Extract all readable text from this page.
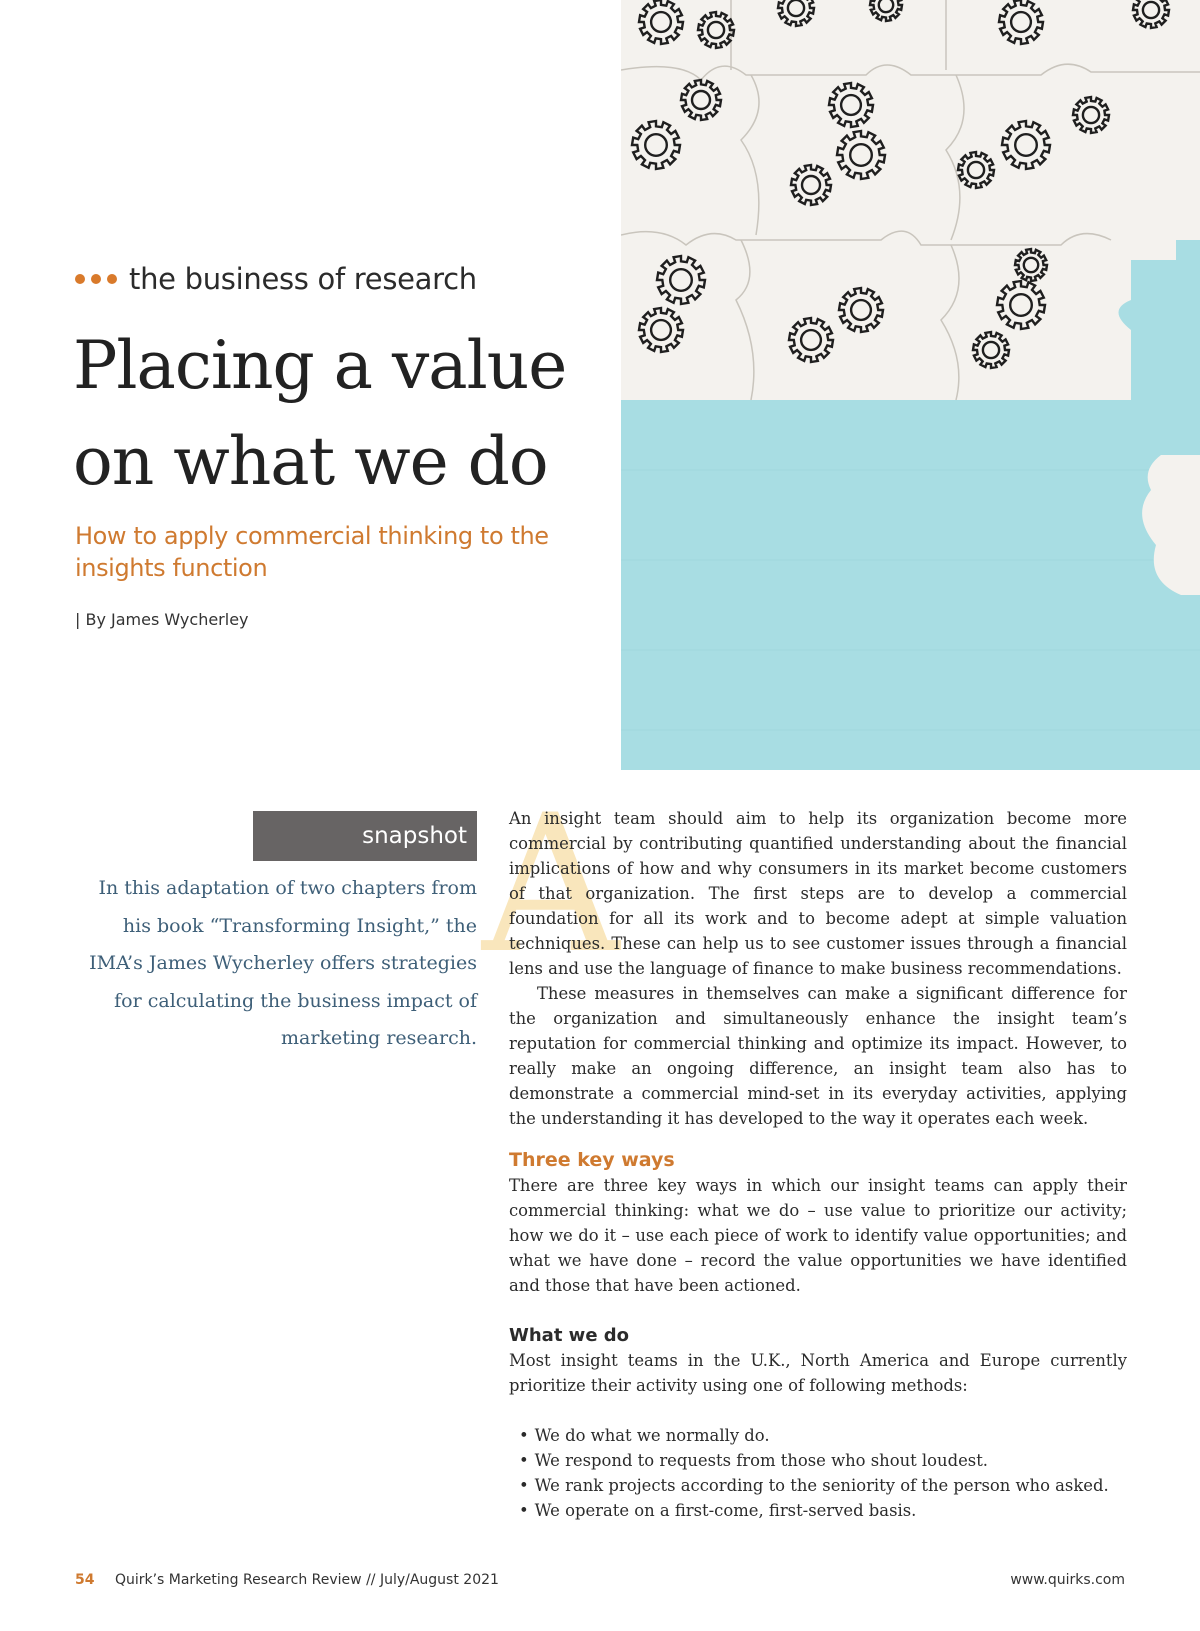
the business of research
Placing a value
on what we do
How to apply commercial thinking to the insights function
| By James Wycherley
snapshot
In this adaptation of two chapters from his book “Transforming Insight,” the IMA’s James Wycherley offers strategies for calculating the business impact of marketing research.
A

An insight team should aim to help its organization become more commercial by contributing quantified understanding about the financial implications of how and why consumers in its market become customers of that organization. The first steps are to develop a commercial foundation for all its work and to become adept at simple valuation techniques. These can help us to see customer issues through a financial lens and use the language of finance to make business recommendations.

These measures in themselves can make a significant difference for the organization and simultaneously enhance the insight team’s reputation for commercial thinking and optimize its impact. However, to really make an ongoing difference, an insight team also has to demonstrate a commercial mind-set in its everyday activities, applying the understanding it has developed to the way it operates each week.

Three key ways

There are three key ways in which our insight teams can apply their commercial thinking: what we do – use value to prioritize our activity; how we do it – use each piece of work to identify value opportunities; and what we have done – record the value opportunities we have identified and those that have been actioned.

What we do

Most insight teams in the U.K., North America and Europe currently prioritize their activity using one of following methods:

• We do what we normally do.
• We respond to requests from those who shout loudest.
• We rank projects according to the seniority of the person who asked.
• We operate on a first-come, first-served basis.
54 Quirk’s Marketing Research Review // July/August 2021	www.quirks.com
